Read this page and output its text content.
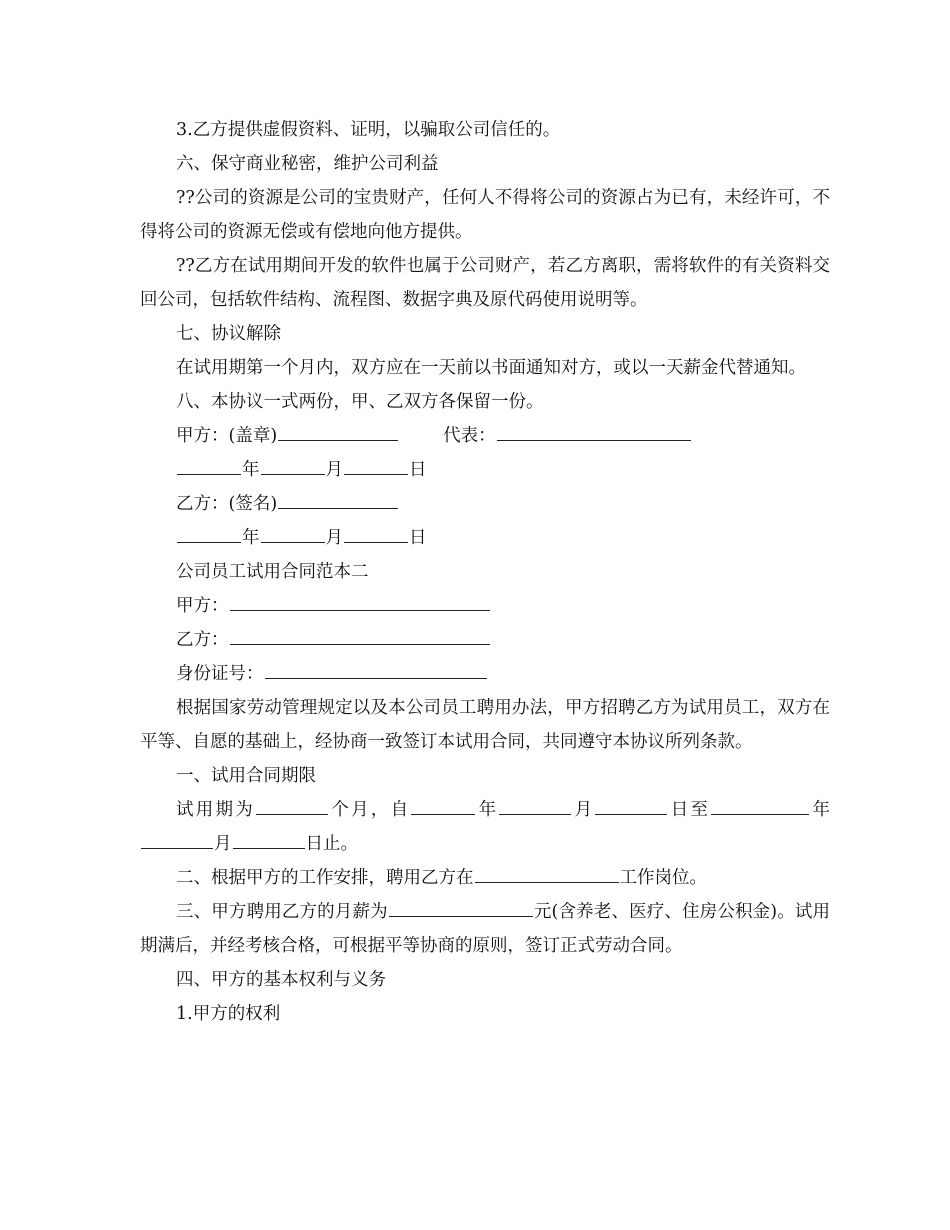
3.乙方提供虚假资料、证明，以骗取公司信任的。

六、保守商业秘密，维护公司利益

??公司的资源是公司的宝贵财产，任何人不得将公司的资源占为已有，未经许可，不得将公司的资源无偿或有偿地向他方提供。

??乙方在试用期间开发的软件也属于公司财产，若乙方离职，需将软件的有关资料交回公司，包括软件结构、流程图、数据字典及原代码使用说明等。

七、协议解除

在试用期第一个月内，双方应在一天前以书面通知对方，或以一天薪金代替通知。

八、本协议一式两份，甲、乙双方各保留一份。

甲方：(盖章)	代表：

年	月	日

乙方：(签名)

年	月	日

公司员工试用合同范本二

甲方：

乙方：

身份证号：

根据国家劳动管理规定以及本公司员工聘用办法，甲方招聘乙方为试用员工，双方在平等、自愿的基础上，经协商一致签订本试用合同，共同遵守本协议所列条款。

一、试用合同期限

试用期为	个月，自	年	月	日至	年月	日止。

二、根据甲方的工作安排，聘用乙方在	工作岗位。

三、甲方聘用乙方的月薪为	元(含养老、医疗、住房公积金)。试用期满后，并经考核合格，可根据平等协商的原则，签订正式劳动合同。

四、甲方的基本权利与义务

1.甲方的权利
